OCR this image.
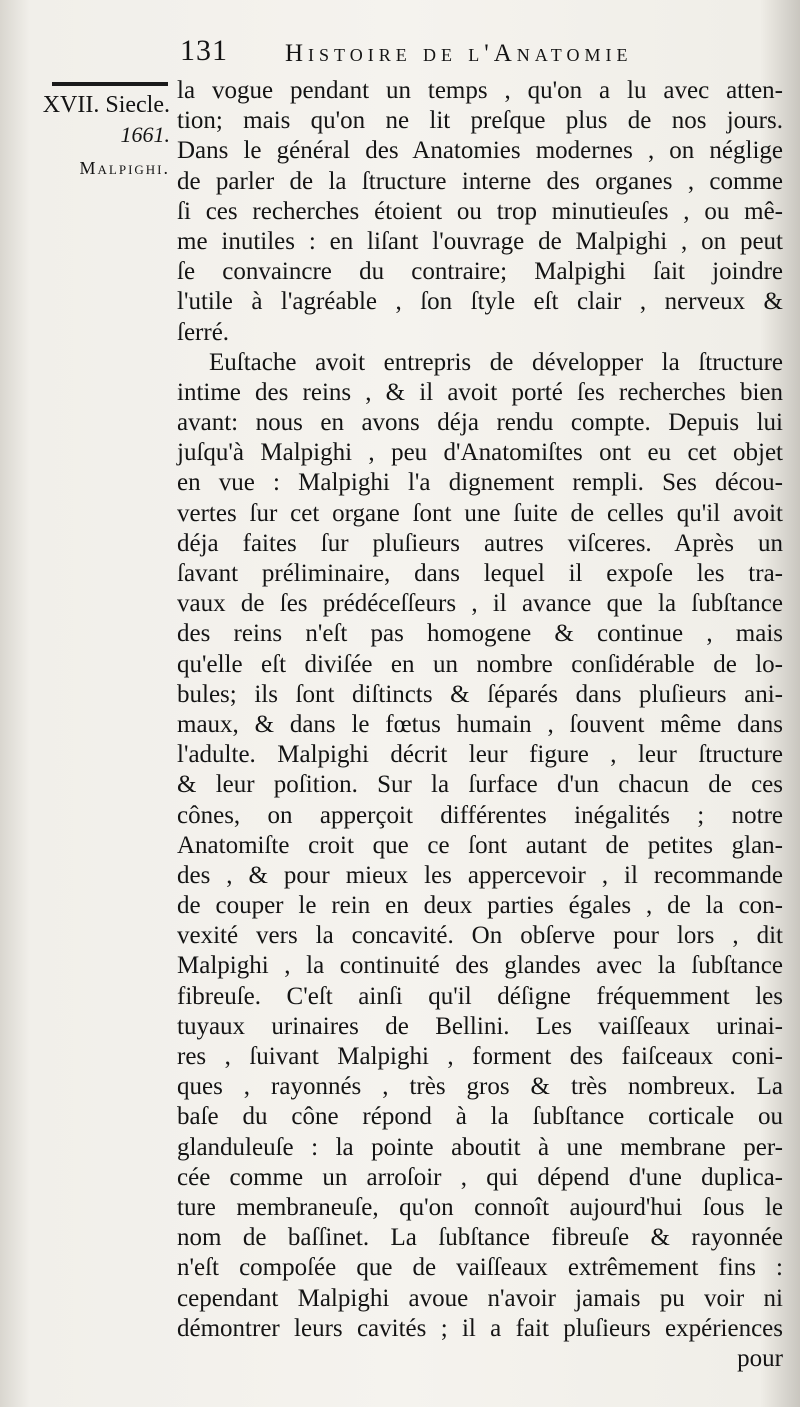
131 Histoire de l'Anatomie
XVII. Siecle.
1661.
Malpighi.
la vogue pendant un temps , qu'on a lu avec atten-
tion; mais qu'on ne lit preſque plus de nos jours.
Dans le général des Anatomies modernes , on néglige
de parler de la ſtructure interne des organes , comme
ſi ces recherches étoient ou trop minutieuſes , ou mê-
me inutiles : en liſant l'ouvrage de Malpighi , on peut
ſe convaincre du contraire; Malpighi ſait joindre
l'utile à l'agréable , ſon ſtyle eſt clair , nerveux &
ſerré.
Euſtache avoit entrepris de développer la ſtructure
intime des reins , & il avoit porté ſes recherches bien
avant: nous en avons déja rendu compte. Depuis lui
juſqu'à Malpighi , peu d'Anatomiſtes ont eu cet objet
en vue : Malpighi l'a dignement rempli. Ses décou-
vertes ſur cet organe ſont une ſuite de celles qu'il avoit
déja faites ſur pluſieurs autres viſceres. Après un
ſavant préliminaire, dans lequel il expoſe les tra-
vaux de ſes prédéceſſeurs , il avance que la ſubſtance
des reins n'eſt pas homogene & continue , mais
qu'elle eſt diviſée en un nombre conſidérable de lo-
bules; ils ſont diſtincts & ſéparés dans pluſieurs ani-
maux, & dans le fœtus humain , ſouvent même dans
l'adulte. Malpighi décrit leur figure , leur ſtructure
& leur poſition. Sur la ſurface d'un chacun de ces
cônes, on apperçoit différentes inégalités ; notre
Anatomiſte croit que ce ſont autant de petites glan-
des , & pour mieux les appercevoir , il recommande
de couper le rein en deux parties égales , de la con-
vexité vers la concavité. On obſerve pour lors , dit
Malpighi , la continuité des glandes avec la ſubſtance
fibreuſe. C'eſt ainſi qu'il déſigne fréquemment les
tuyaux urinaires de Bellini. Les vaiſſeaux urinai-
res , ſuivant Malpighi , forment des faiſceaux coni-
ques , rayonnés , très gros & très nombreux. La
baſe du cône répond à la ſubſtance corticale ou
glanduleuſe : la pointe aboutit à une membrane per-
cée comme un arroſoir , qui dépend d'une duplica-
ture membraneuſe, qu'on connoît aujourd'hui ſous le
nom de baſſinet. La ſubſtance fibreuſe & rayonnée
n'eſt compoſée que de vaiſſeaux extrêmement fins :
cependant Malpighi avoue n'avoir jamais pu voir ni
démontrer leurs cavités ; il a fait pluſieurs expériences
pour
